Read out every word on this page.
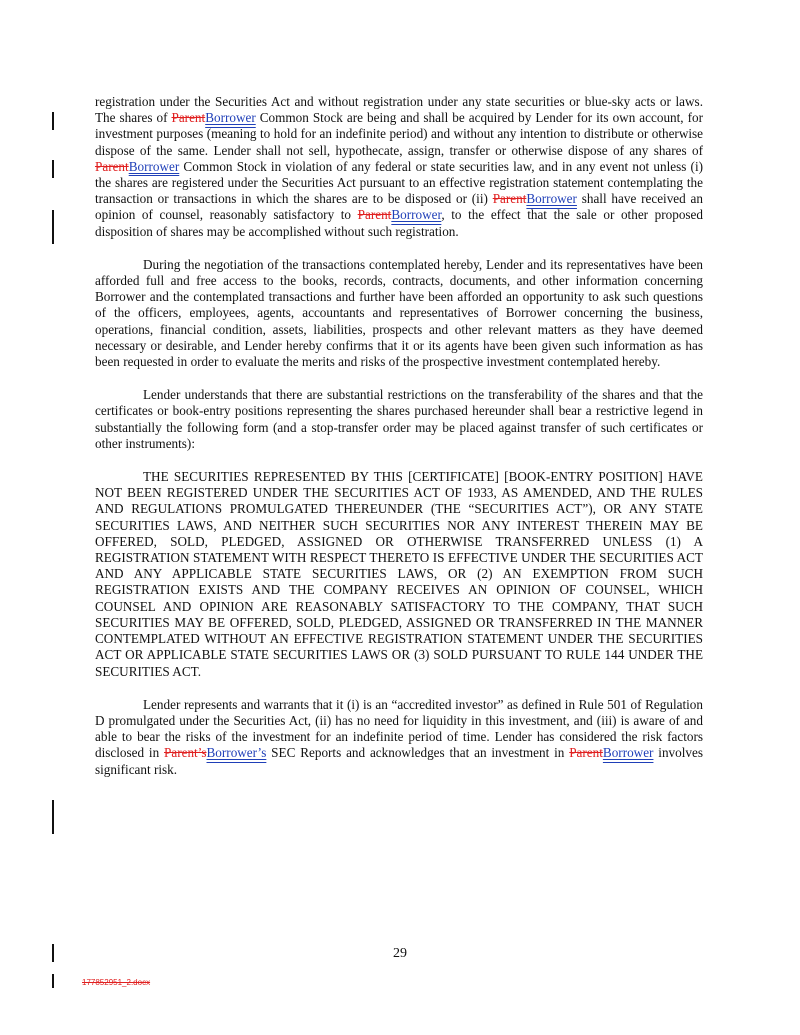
registration under the Securities Act and without registration under any state securities or blue-sky acts or laws. The shares of ParentBorrower Common Stock are being and shall be acquired by Lender for its own account, for investment purposes (meaning to hold for an indefinite period) and without any intention to distribute or otherwise dispose of the same. Lender shall not sell, hypothecate, assign, transfer or otherwise dispose of any shares of ParentBorrower Common Stock in violation of any federal or state securities law, and in any event not unless (i) the shares are registered under the Securities Act pursuant to an effective registration statement contemplating the transaction or transactions in which the shares are to be disposed or (ii) ParentBorrower shall have received an opinion of counsel, reasonably satisfactory to ParentBorrower, to the effect that the sale or other proposed disposition of shares may be accomplished without such registration.

During the negotiation of the transactions contemplated hereby, Lender and its representatives have been afforded full and free access to the books, records, contracts, documents, and other information concerning Borrower and the contemplated transactions and further have been afforded an opportunity to ask such questions of the officers, employees, agents, accountants and representatives of Borrower concerning the business, operations, financial condition, assets, liabilities, prospects and other relevant matters as they have deemed necessary or desirable, and Lender hereby confirms that it or its agents have been given such information as has been requested in order to evaluate the merits and risks of the prospective investment contemplated hereby.

Lender understands that there are substantial restrictions on the transferability of the shares and that the certificates or book-entry positions representing the shares purchased hereunder shall bear a restrictive legend in substantially the following form (and a stop-transfer order may be placed against transfer of such certificates or other instruments):

THE SECURITIES REPRESENTED BY THIS [CERTIFICATE] [BOOK-ENTRY POSITION] HAVE NOT BEEN REGISTERED UNDER THE SECURITIES ACT OF 1933, AS AMENDED, AND THE RULES AND REGULATIONS PROMULGATED THEREUNDER (THE “SECURITIES ACT”), OR ANY STATE SECURITIES LAWS, AND NEITHER SUCH SECURITIES NOR ANY INTEREST THEREIN MAY BE OFFERED, SOLD, PLEDGED, ASSIGNED OR OTHERWISE TRANSFERRED UNLESS (1) A REGISTRATION STATEMENT WITH RESPECT THERETO IS EFFECTIVE UNDER THE SECURITIES ACT AND ANY APPLICABLE STATE SECURITIES LAWS, OR (2) AN EXEMPTION FROM SUCH REGISTRATION EXISTS AND THE COMPANY RECEIVES AN OPINION OF COUNSEL, WHICH COUNSEL AND OPINION ARE REASONABLY SATISFACTORY TO THE COMPANY, THAT SUCH SECURITIES MAY BE OFFERED, SOLD, PLEDGED, ASSIGNED OR TRANSFERRED IN THE MANNER CONTEMPLATED WITHOUT AN EFFECTIVE REGISTRATION STATEMENT UNDER THE SECURITIES ACT OR APPLICABLE STATE SECURITIES LAWS OR (3) SOLD PURSUANT TO RULE 144 UNDER THE SECURITIES ACT.

Lender represents and warrants that it (i) is an “accredited investor” as defined in Rule 501 of Regulation D promulgated under the Securities Act, (ii) has no need for liquidity in this investment, and (iii) is aware of and able to bear the risks of the investment for an indefinite period of time. Lender has considered the risk factors disclosed in Parent’sBorrower’s SEC Reports and acknowledges that an investment in ParentBorrower involves significant risk.

29
177852951_2.docx
